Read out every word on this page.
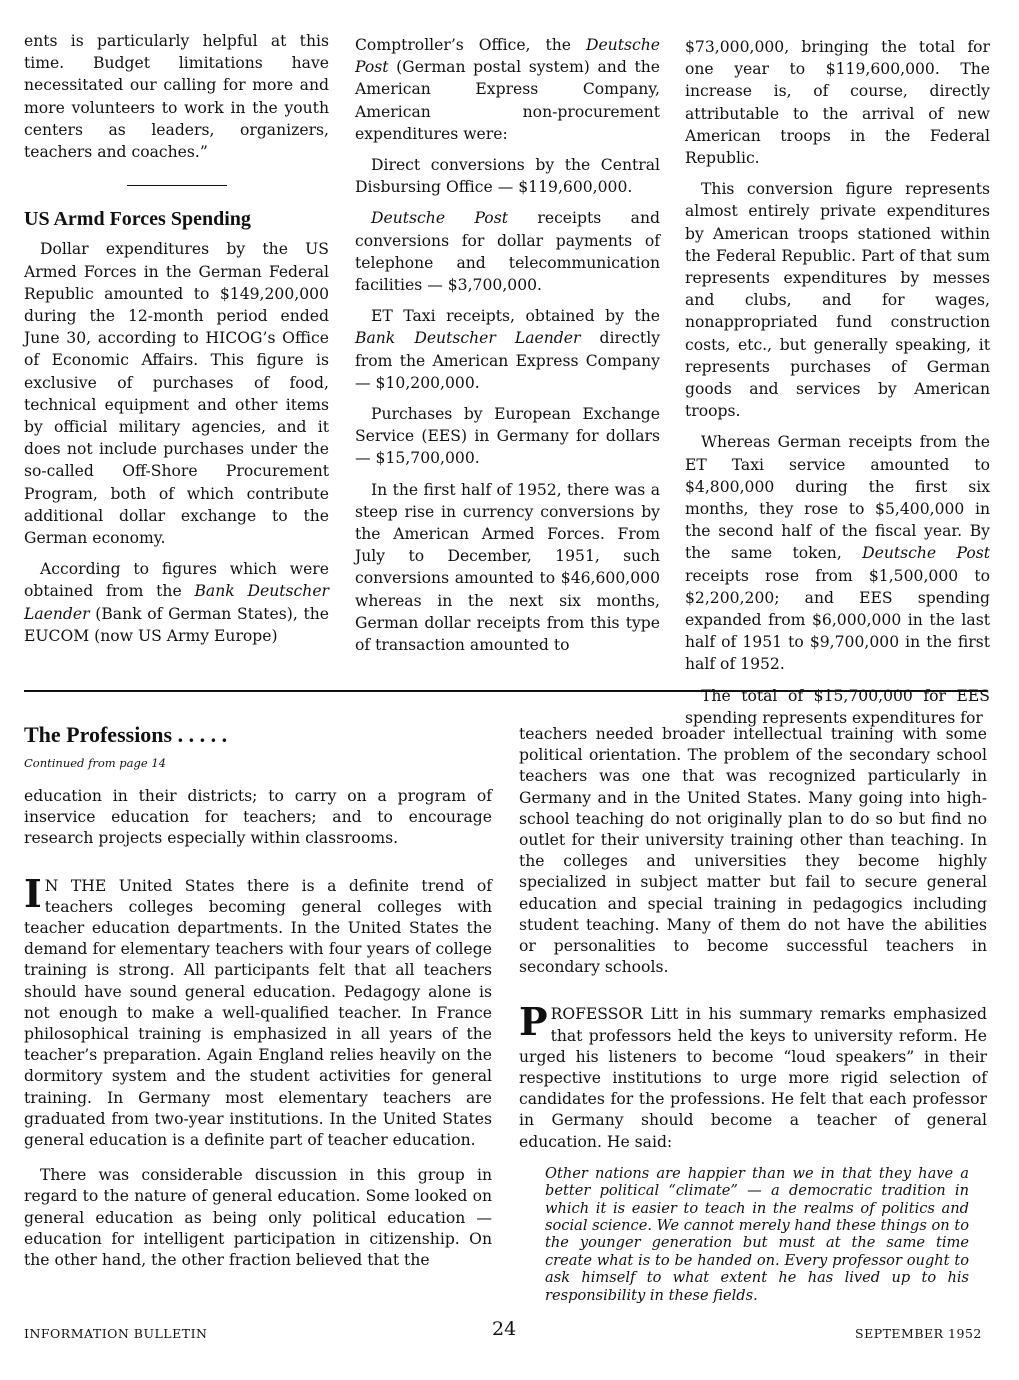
ents is particularly helpful at this time. Budget limitations have necessitated our calling for more and more volunteers to work in the youth centers as leaders, organizers, teachers and coaches.”

US Armd Forces Spending

Dollar expenditures by the US Armed Forces in the German Federal Republic amounted to $149,200,000 during the 12-month period ended June 30, according to HICOG’s Office of Economic Affairs. This figure is exclusive of purchases of food, technical equipment and other items by official military agencies, and it does not include purchases under the so-called Off-Shore Procurement Program, both of which contribute additional dollar exchange to the German economy.

According to figures which were obtained from the Bank Deutscher Laender (Bank of German States), the EUCOM (now US Army Europe)

Comptroller’s Office, the Deutsche Post (German postal system) and the American Express Company, American non-procurement expenditures were:

Direct conversions by the Central Disbursing Office — $119,600,000.

Deutsche Post receipts and conversions for dollar payments of telephone and telecommunication facilities — $3,700,000.

ET Taxi receipts, obtained by the Bank Deutscher Laender directly from the American Express Company — $10,200,000.

Purchases by European Exchange Service (EES) in Germany for dollars — $15,700,000.

In the first half of 1952, there was a steep rise in currency conversions by the American Armed Forces. From July to December, 1951, such conversions amounted to $46,600,000 whereas in the next six months, German dollar receipts from this type of transaction amounted to

$73,000,000, bringing the total for one year to $119,600,000. The increase is, of course, directly attributable to the arrival of new American troops in the Federal Republic.

This conversion figure represents almost entirely private expenditures by American troops stationed within the Federal Republic. Part of that sum represents expenditures by messes and clubs, and for wages, nonappropriated fund construction costs, etc., but generally speaking, it represents purchases of German goods and services by American troops.

Whereas German receipts from the ET Taxi service amounted to $4,800,000 during the first six months, they rose to $5,400,000 in the second half of the fiscal year. By the same token, Deutsche Post receipts rose from $1,500,000 to $2,200,200; and EES spending expanded from $6,000,000 in the last half of 1951 to $9,700,000 in the first half of 1952.

The total of $15,700,000 for EES spending represents expenditures for

The Professions . . . . .
Continued from page 14

education in their districts; to carry on a program of inservice education for teachers; and to encourage research projects especially within classrooms.

I N THE United States there is a definite trend of teachers colleges becoming general colleges with teacher education departments. In the United States the demand for elementary teachers with four years of college training is strong. All participants felt that all teachers should have sound general education. Pedagogy alone is not enough to make a well-qualified teacher. In France philosophical training is emphasized in all years of the teacher’s preparation. Again England relies heavily on the dormitory system and the student activities for general training. In Germany most elementary teachers are graduated from two-year institutions. In the United States general education is a definite part of teacher education.

There was considerable discussion in this group in regard to the nature of general education. Some looked on general education as being only political education — education for intelligent participation in citizenship. On the other hand, the other fraction believed that the

teachers needed broader intellectual training with some political orientation. The problem of the secondary school teachers was one that was recognized particularly in Germany and in the United States. Many going into high-school teaching do not originally plan to do so but find no outlet for their university training other than teaching. In the colleges and universities they become highly specialized in subject matter but fail to secure general education and special training in pedagogics including student teaching. Many of them do not have the abilities or personalities to become successful teachers in secondary schools.

PROFESSOR Litt in his summary remarks emphasized that professors held the keys to university reform. He urged his listeners to become “loud speakers” in their respective institutions to urge more rigid selection of candidates for the professions. He felt that each professor in Germany should become a teacher of general education. He said:

Other nations are happier than we in that they have a better political “climate” — a democratic tradition in which it is easier to teach in the realms of politics and social science. We cannot merely hand these things on to the younger generation but must at the same time create what is to be handed on. Every professor ought to ask himself to what extent he has lived up to his responsibility in these fields.
INFORMATION BULLETIN	24	SEPTEMBER 1952
